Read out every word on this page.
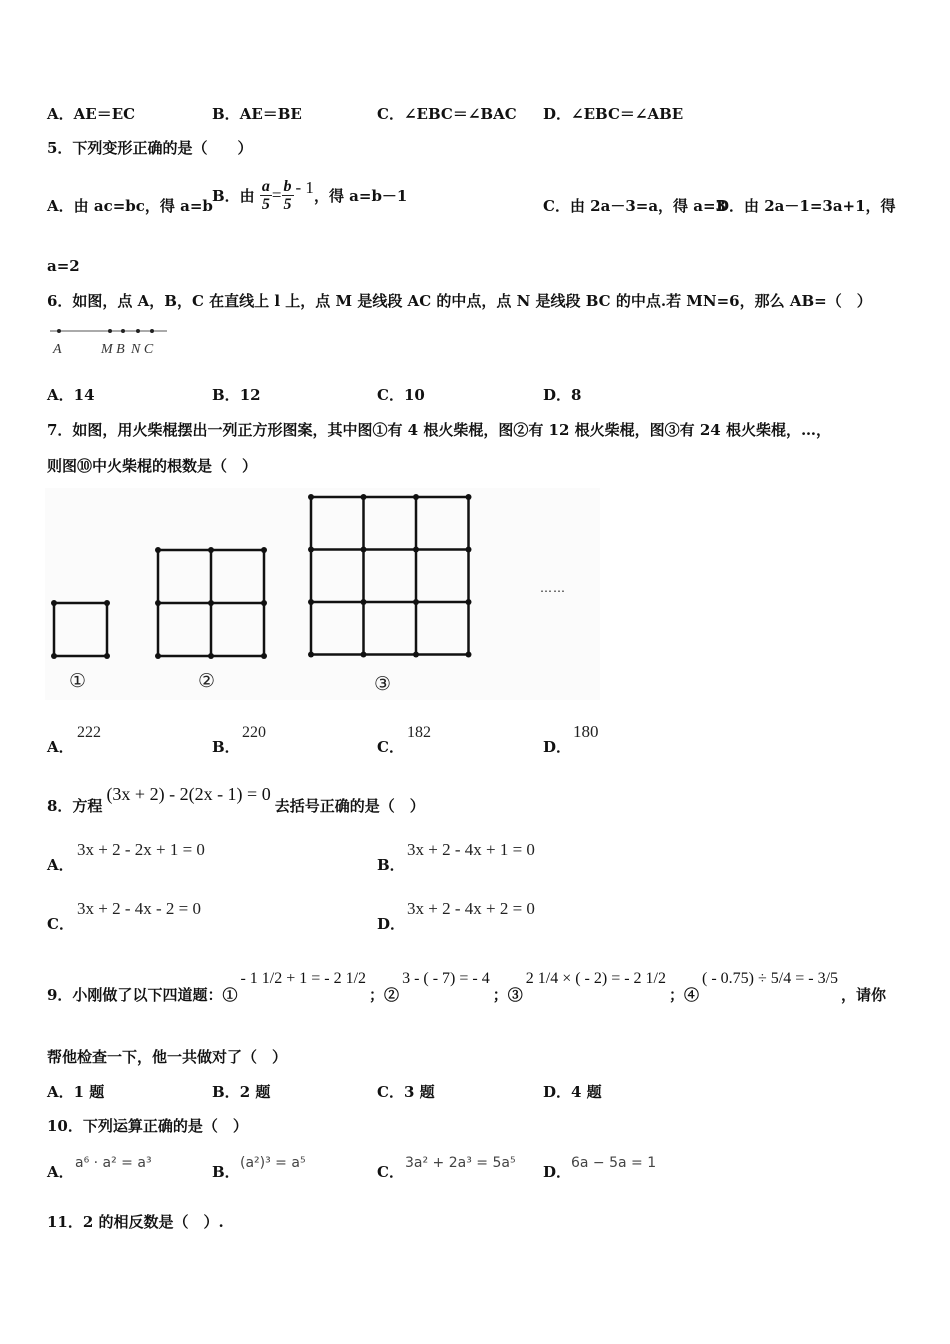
A．AE＝EC	B．AE＝BE	C．∠EBC＝∠BAC D．∠EBC＝∠ABE
5．下列变形正确的是（　　）
A．由 ac=bc，得 a=b
B．由 $\frac{a}{5} = \frac{b}{5} - 1$，得 a=b－1
C．由 2a－3=a，得 a=3
D．由 2a－1=3a+1，得
a=2
6．如图，点 A，B，C 在直线上 l 上，点 M 是线段 AC 的中点，点 N 是线段 BC 的中点.若 MN=6，那么 AB=（　）
A	M B N C
A．14	B．12	C．10	D．8
7．如图，用火柴棍摆出一列正方形图案，其中图①有 4 根火柴棍，图②有 12 根火柴棍，图③有 24 根火柴棍，…，
则图⑩中火柴棍的根数是（　）
……
①	②	③
A．
222
B．
220
C．
182
D．
180
8．方程(3x + 2) - 2(2x - 1) = 0去括号正确的是（　）
A．
3x + 2 - 2x + 1 = 0
B．
3x + 2 - 4x + 1 = 0
C．
3x + 2 - 4x - 2 = 0
D．
3x + 2 - 4x + 2 = 0
9．小刚做了以下四道题：①- 1 1/2 + 1 = - 2 1/2；②3 - ( - 7) = - 4；③2 1/4 × ( - 2) = - 2 1/2；④( - 0.75) ÷ 5/4 = - 3/5，请你
帮他检查一下，他一共做对了（　）
A．1 题	B．2 题	C．3 题	D．4 题
10．下列运算正确的是（　）
A． a⁶ · a² = a³	B． (a²)³ = a⁵	C． 3a² + 2a³ = 5a⁵ D． 6a − 5a = 1
11．2 的相反数是（　）.
